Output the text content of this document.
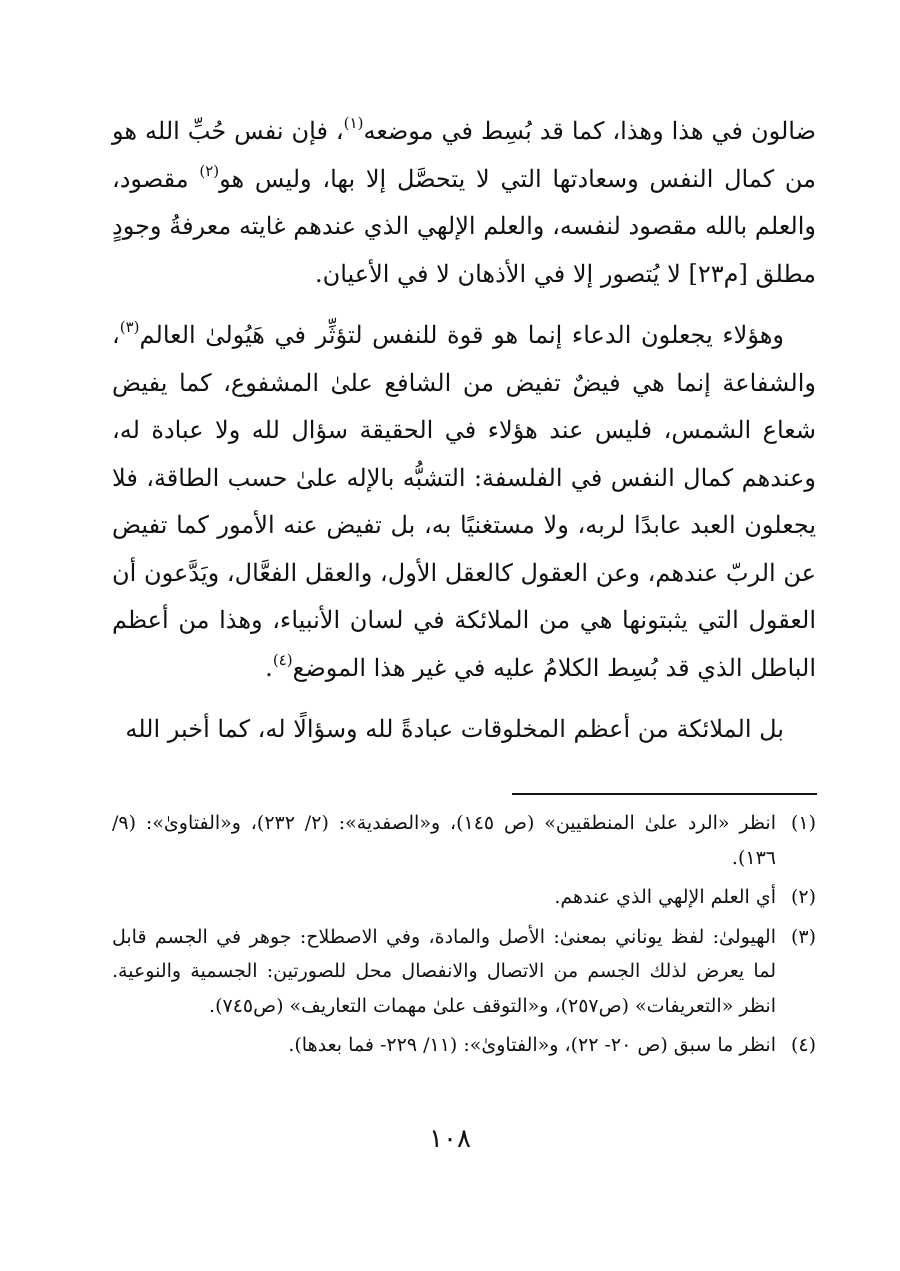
ضالون في هذا وهذا، كما قد بُسِط في موضعه$^{(١)}$، فإن نفس حُبِّ الله هو من كمال النفس وسعادتها التي لا يتحصَّل إلا بها، وليس هو$^{(٢)}$ مقصود، والعلم بالله مقصود لنفسه، والعلم الإلهي الذي عندهم غايته معرفةُ وجودٍ مطلق [م٢٣] لا يُتصور إلا في الأذهان لا في الأعيان.

وهؤلاء يجعلون الدعاء إنما هو قوة للنفس لتؤثِّر في هَيُولىٰ العالم$^{(٣)}$، والشفاعة إنما هي فيضٌ تفيض من الشافع علىٰ المشفوع، كما يفيض شعاع الشمس، فليس عند هؤلاء في الحقيقة سؤال لله ولا عبادة له، وعندهم كمال النفس في الفلسفة: التشبُّه بالإله علىٰ حسب الطاقة، فلا يجعلون العبد عابدًا لربه، ولا مستغنيًا به، بل تفيض عنه الأمور كما تفيض عن الربّ عندهم، وعن العقول كالعقل الأول، والعقل الفعَّال، ويَدَّعون أن العقول التي يثبتونها هي من الملائكة في لسان الأنبياء، وهذا من أعظم الباطل الذي قد بُسِط الكلامُ عليه في غير هذا الموضع$^{(٤)}$.

بل الملائكة من أعظم المخلوقات عبادةً لله وسؤالًا له، كما أخبر الله

(١)
انظر «الرد علىٰ المنطقيين» (ص ١٤٥)، و«الصفدية»: (٢/ ٢٣٢)، و«الفتاوىٰ»: (٩/ ١٣٦).
(٢)
أي العلم الإلهي الذي عندهم.
(٣)
الهيولىٰ: لفظ يوناني بمعنىٰ: الأصل والمادة، وفي الاصطلاح: جوهر في الجسم قابل لما يعرض لذلك الجسم من الاتصال والانفصال محل للصورتين: الجسمية والنوعية. انظر «التعريفات» (ص٢٥٧)، و«التوقف علىٰ مهمات التعاريف» (ص٧٤٥).
(٤)
انظر ما سبق (ص ٢٠- ٢٢)، و«الفتاوىٰ»: (١١/ ٢٢٩- فما بعدها).
١٠٨
